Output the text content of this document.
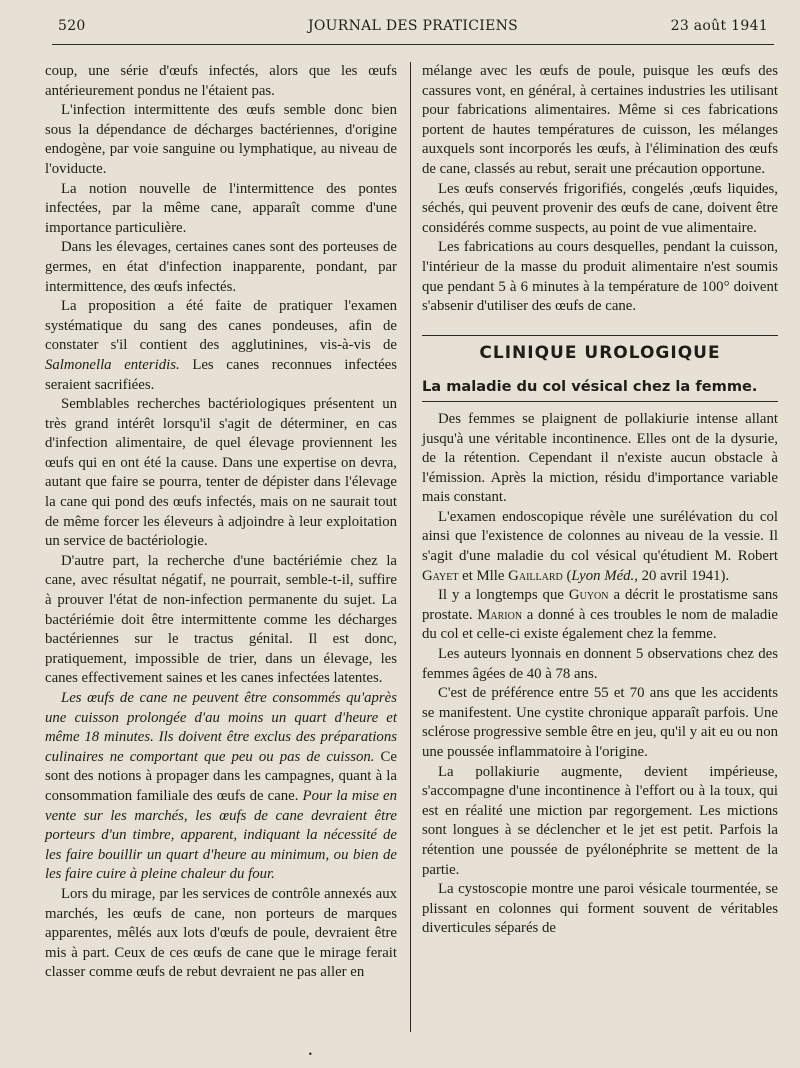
520	JOURNAL DES PRATICIENS	23 août 1941

coup, une série d'œufs infectés, alors que les œufs antérieurement pondus ne l'étaient pas.

L'infection intermittente des œufs semble donc bien sous la dépendance de décharges bactériennes, d'origine endogène, par voie sanguine ou lymphatique, au niveau de l'oviducte.

La notion nouvelle de l'intermittence des pontes infectées, par la même cane, apparaît comme d'une importance particulière.

Dans les élevages, certaines canes sont des porteuses de germes, en état d'infection inapparente, pondant, par intermittence, des œufs infectés.

La proposition a été faite de pratiquer l'examen systématique du sang des canes pondeuses, afin de constater s'il contient des agglutinines, vis-à-vis de Salmonella enteridis. Les canes reconnues infectées seraient sacrifiées.

Semblables recherches bactériologiques présentent un très grand intérêt lorsqu'il s'agit de déterminer, en cas d'infection alimentaire, de quel élevage proviennent les œufs qui en ont été la cause. Dans une expertise on devra, autant que faire se pourra, tenter de dépister dans l'élevage la cane qui pond des œufs infectés, mais on ne saurait tout de même forcer les éleveurs à adjoindre à leur exploitation un service de bactériologie.

D'autre part, la recherche d'une bactériémie chez la cane, avec résultat négatif, ne pourrait, semble-t-il, suffire à prouver l'état de non-infection permanente du sujet. La bactériémie doit être intermittente comme les décharges bactériennes sur le tractus génital. Il est donc, pratiquement, impossible de trier, dans un élevage, les canes effectivement saines et les canes infectées latentes.

Les œufs de cane ne peuvent être consommés qu'après une cuisson prolongée d'au moins un quart d'heure et même 18 minutes. Ils doivent être exclus des préparations culinaires ne comportant que peu ou pas de cuisson. Ce sont des notions à propager dans les campagnes, quant à la consommation familiale des œufs de cane. Pour la mise en vente sur les marchés, les œufs de cane devraient être porteurs d'un timbre, apparent, indiquant la nécessité de les faire bouillir un quart d'heure au minimum, ou bien de les faire cuire à pleine chaleur du four.

Lors du mirage, par les services de contrôle annexés aux marchés, les œufs de cane, non porteurs de marques apparentes, mêlés aux lots d'œufs de poule, devraient être mis à part. Ceux de ces œufs de cane que le mirage ferait classer comme œufs de rebut devraient ne pas aller en

mélange avec les œufs de poule, puisque les œufs des cassures vont, en général, à certaines industries les utilisant pour fabrications alimentaires. Même si ces fabrications portent de hautes températures de cuisson, les mélanges auxquels sont incorporés les œufs, à l'élimination des œufs de cane, classés au rebut, serait une précaution opportune.

Les œufs conservés frigorifiés, congelés ,œufs liquides, séchés, qui peuvent provenir des œufs de cane, doivent être considérés comme suspects, au point de vue alimentaire.

Les fabrications au cours desquelles, pendant la cuisson, l'intérieur de la masse du produit alimentaire n'est soumis que pendant 5 à 6 minutes à la température de 100° doivent s'absenir d'utiliser des œufs de cane.

CLINIQUE UROLOGIQUE
La maladie du col vésical chez la femme.

Des femmes se plaignent de pollakiurie intense allant jusqu'à une véritable incontinence. Elles ont de la dysurie, de la rétention. Cependant il n'existe aucun obstacle à l'émission. Après la miction, résidu d'importance variable mais constant.

L'examen endoscopique révèle une surélévation du col ainsi que l'existence de colonnes au niveau de la vessie. Il s'agit d'une maladie du col vésical qu'étudient M. Robert Gayet et Mlle Gaillard (Lyon Méd., 20 avril 1941).

Il y a longtemps que Guyon a décrit le prostatisme sans prostate. Marion a donné à ces troubles le nom de maladie du col et celle-ci existe également chez la femme.

Les auteurs lyonnais en donnent 5 observations chez des femmes âgées de 40 à 78 ans.

C'est de préférence entre 55 et 70 ans que les accidents se manifestent. Une cystite chronique apparaît parfois. Une sclérose progressive semble être en jeu, qu'il y ait eu ou non une poussée inflammatoire à l'origine.

La pollakiurie augmente, devient impérieuse, s'accompagne d'une incontinence à l'effort ou à la toux, qui est en réalité une miction par regorgement. Les mictions sont longues à se déclencher et le jet est petit. Parfois la rétention une poussée de pyélonéphrite se mettent de la partie.

La cystoscopie montre une paroi vésicale tourmentée, se plissant en colonnes qui forment souvent de véritables diverticules séparés de

•
